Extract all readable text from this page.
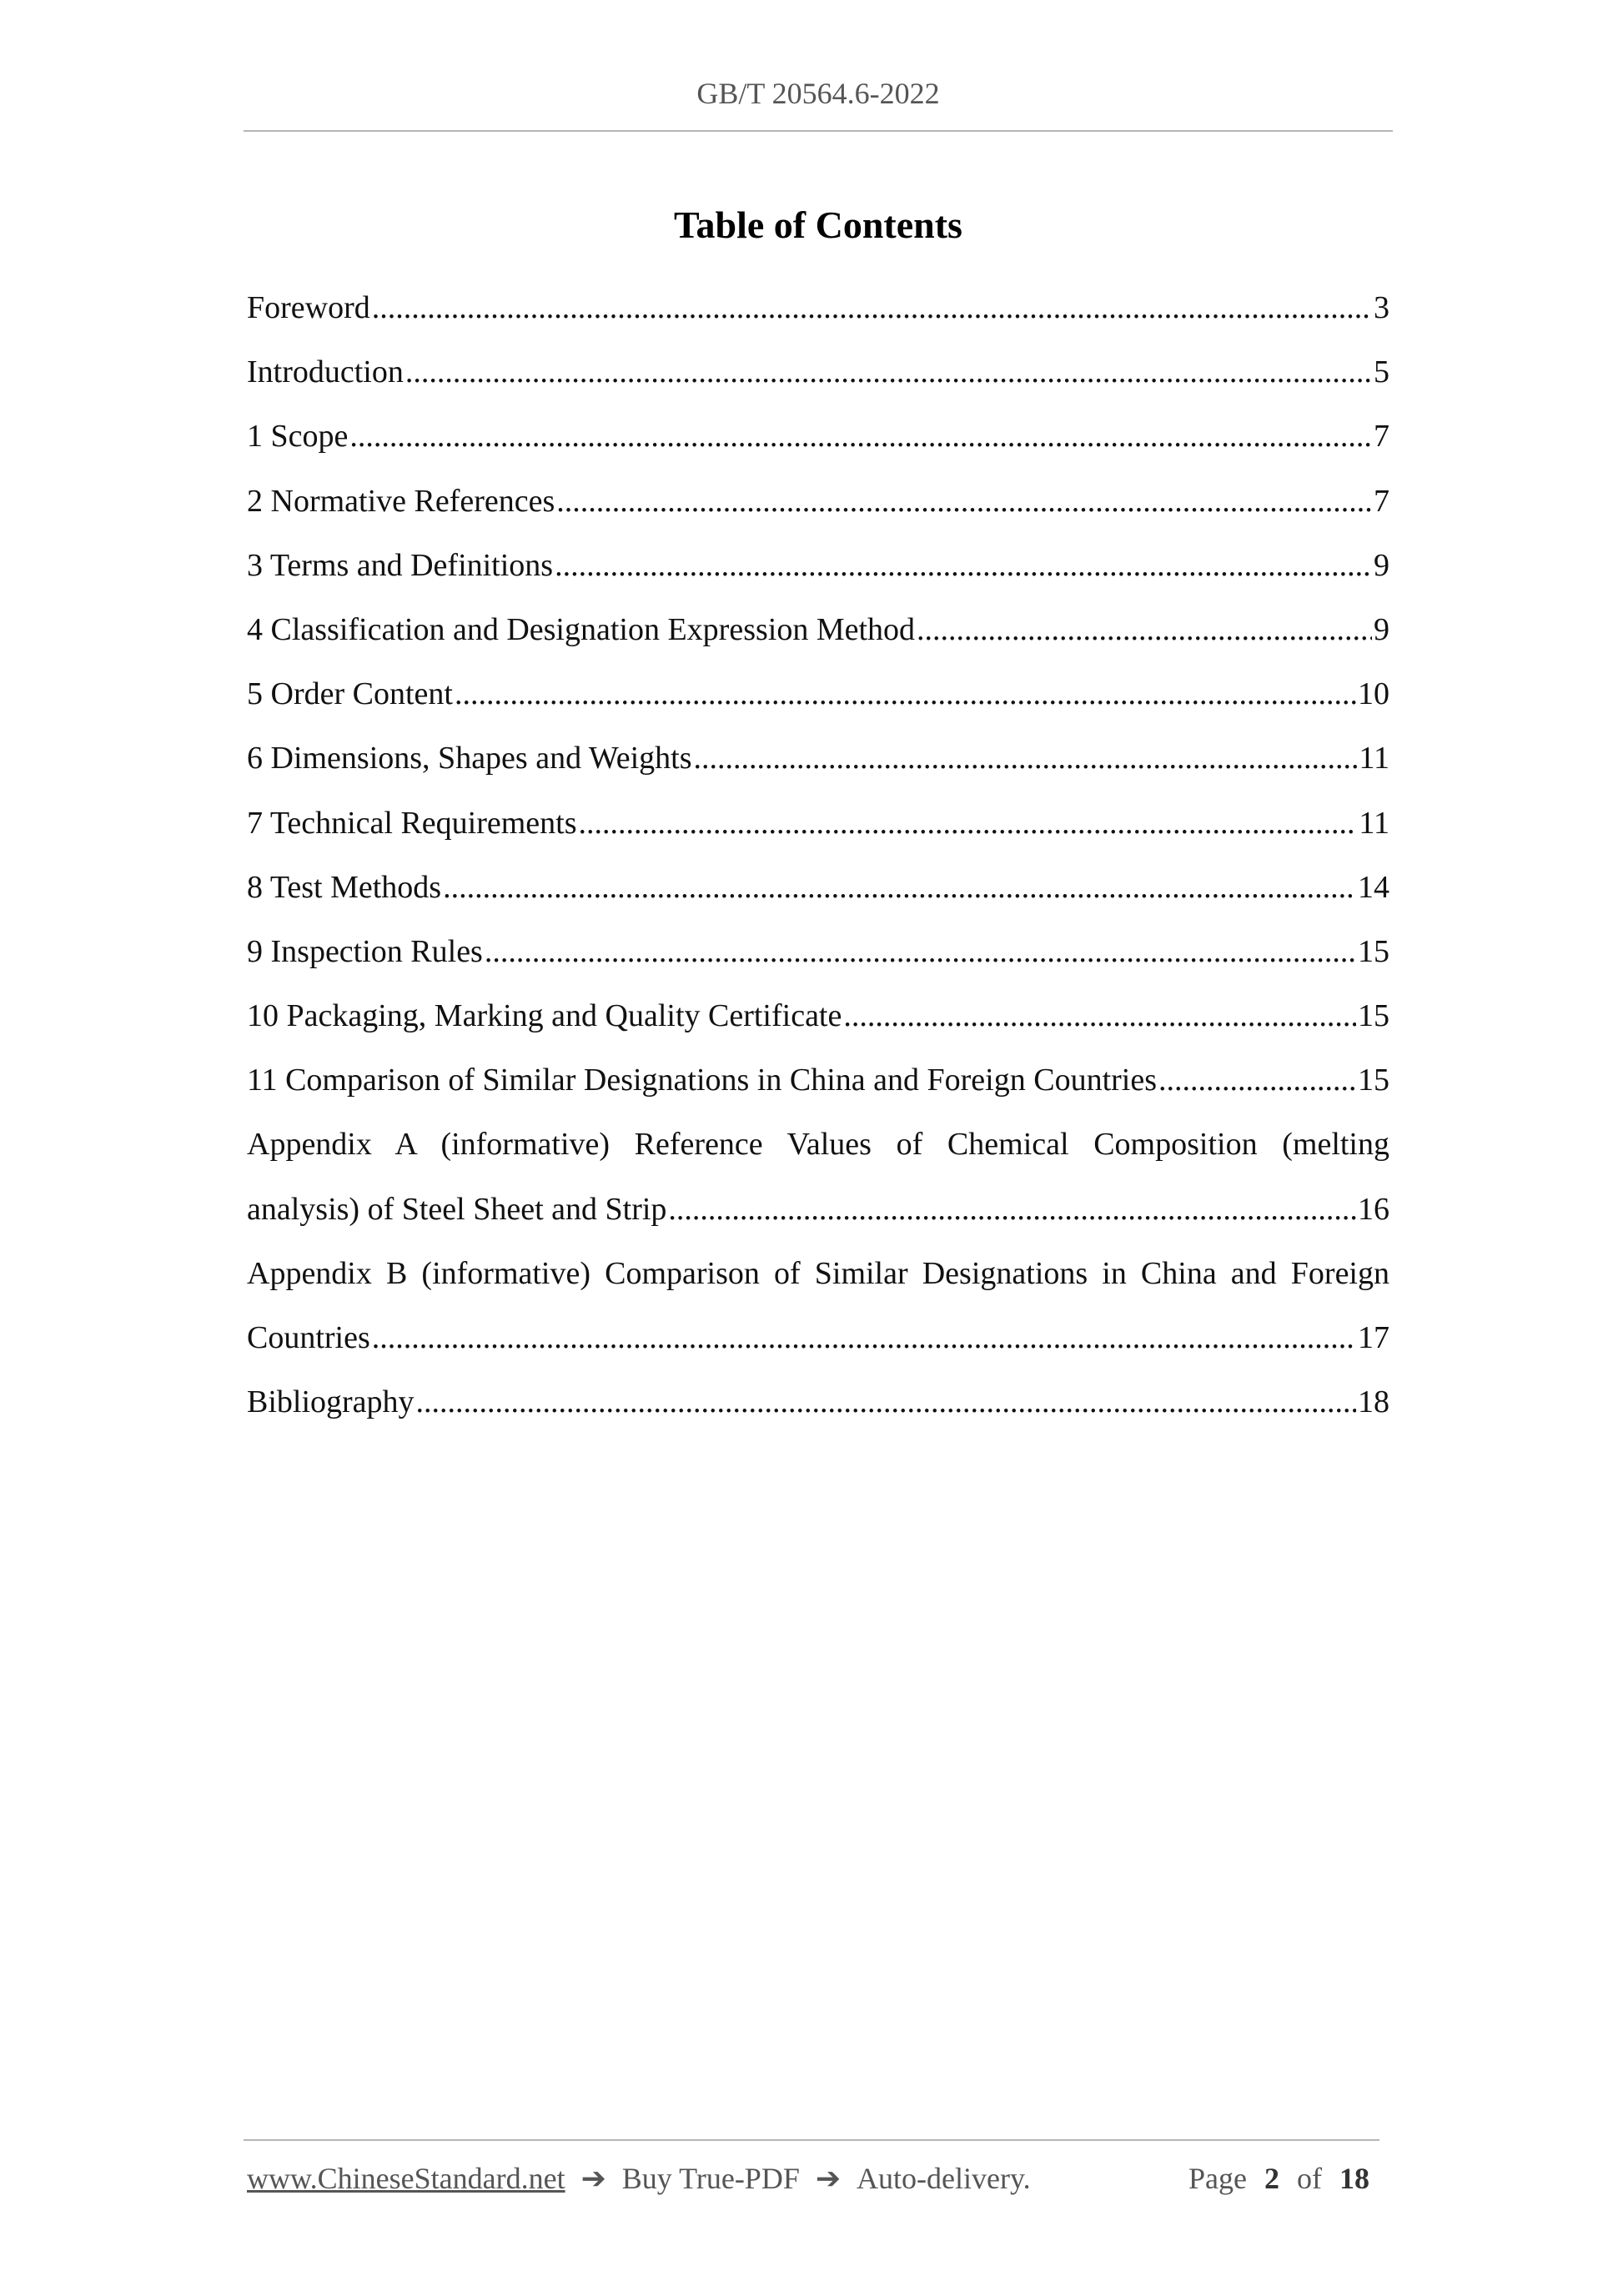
GB/T 20564.6-2022
Table of Contents
Foreword .....	3
Introduction .....	5
1 Scope .....	7
2 Normative References .....	7
3 Terms and Definitions .....	9
4 Classification and Designation Expression Method .....	9
5 Order Content .....	10
6 Dimensions, Shapes and Weights .....	11
7 Technical Requirements .....	11
8 Test Methods .....	14
9 Inspection Rules .....	15
10 Packaging, Marking and Quality Certificate .....	15
11 Comparison of Similar Designations in China and Foreign Countries .....	15
Appendix A (informative) Reference Values of Chemical Composition (melting
analysis) of Steel Sheet and Strip .....	16
Appendix B (informative) Comparison of Similar Designations in China and Foreign
Countries .....	17
Bibliography .....	18
www.ChineseStandard.net ➔ Buy True-PDF ➔ Auto-delivery.	Page 2 of 18
